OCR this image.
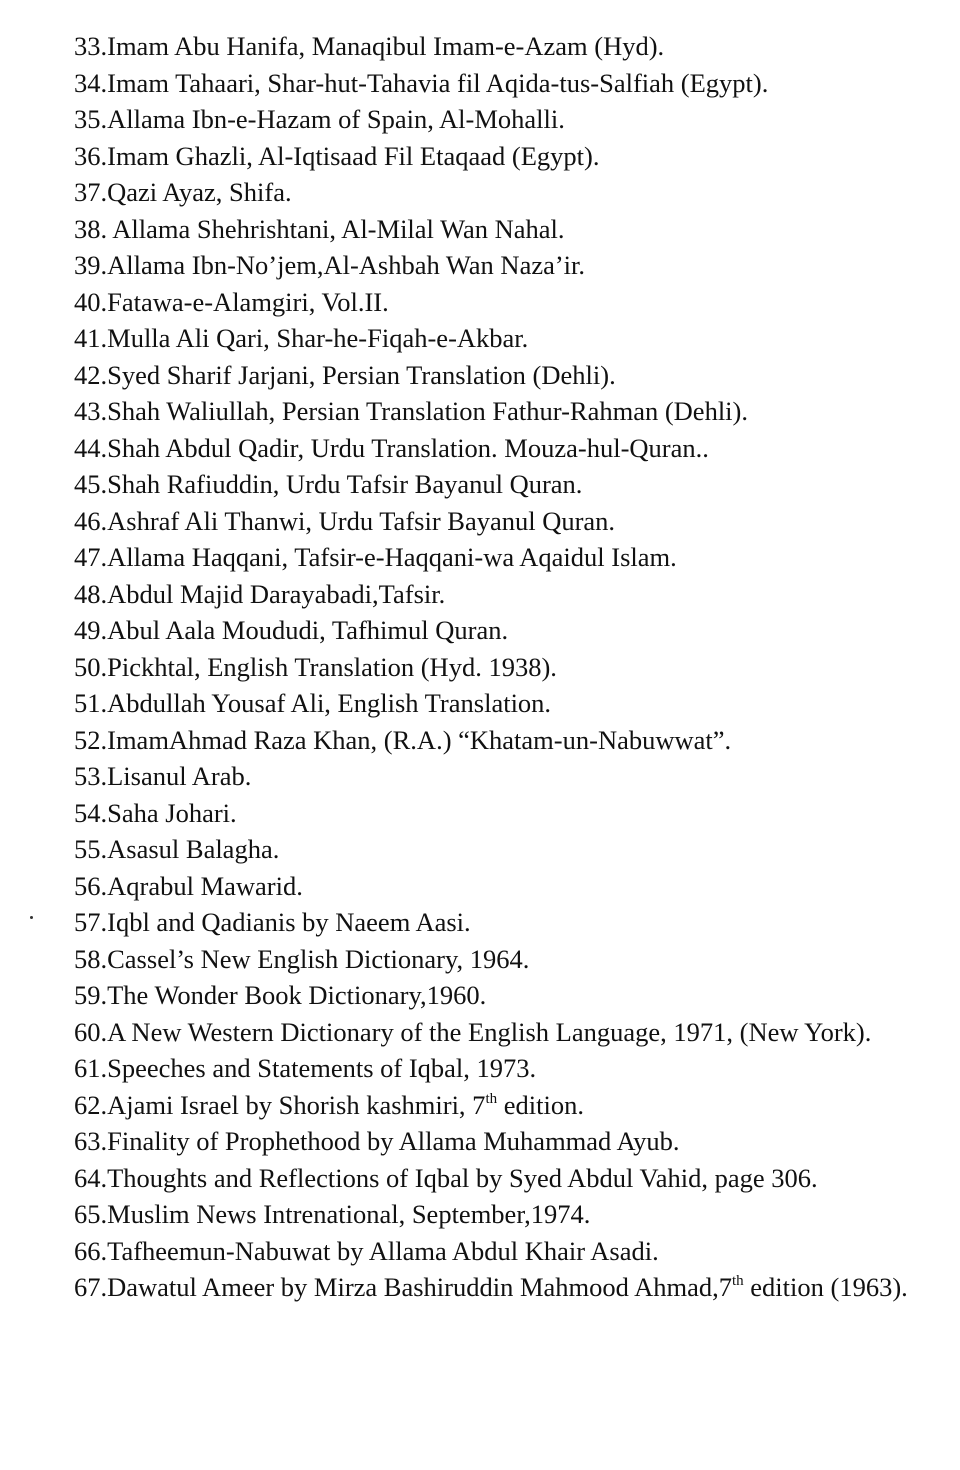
33.Imam Abu Hanifa, Manaqibul Imam-e-Azam (Hyd).
34.Imam Tahaari, Shar-hut-Tahavia fil Aqida-tus-Salfiah (Egypt).
35.Allama Ibn-e-Hazam of Spain, Al-Mohalli.
36.Imam Ghazli, Al-Iqtisaad Fil Etaqaad (Egypt).
37.Qazi Ayaz, Shifa.
38. Allama Shehrishtani, Al-Milal Wan Nahal.
39.Allama Ibn-No’jem,Al-Ashbah Wan Naza’ir.
40.Fatawa-e-Alamgiri, Vol.II.
41.Mulla Ali Qari, Shar-he-Fiqah-e-Akbar.
42.Syed Sharif Jarjani, Persian Translation (Dehli).
43.Shah Waliullah, Persian Translation Fathur-Rahman (Dehli).
44.Shah Abdul Qadir, Urdu Translation. Mouza-hul-Quran..
45.Shah Rafiuddin, Urdu Tafsir Bayanul Quran.
46.Ashraf Ali Thanwi, Urdu Tafsir Bayanul Quran.
47.Allama Haqqani, Tafsir-e-Haqqani-wa Aqaidul Islam.
48.Abdul Majid Darayabadi,Tafsir.
49.Abul Aala Moududi, Tafhimul Quran.
50.Pickhtal, English Translation (Hyd. 1938).
51.Abdullah Yousaf Ali, English Translation.
52.ImamAhmad Raza Khan, (R.A.) “Khatam-un-Nabuwwat”.
53.Lisanul Arab.
54.Saha Johari.
55.Asasul Balagha.
56.Aqrabul Mawarid.
57.Iqbl and Qadianis by Naeem Aasi.
58.Cassel’s New English Dictionary, 1964.
59.The Wonder Book Dictionary,1960.
60.A New Western Dictionary of the English Language, 1971, (New York).
61.Speeches and Statements of Iqbal, 1973.
62.Ajami Israel by Shorish kashmiri, 7th edition.
63.Finality of Prophethood by Allama Muhammad Ayub.
64.Thoughts and Reflections of Iqbal by Syed Abdul Vahid, page 306.
65.Muslim News Intrenational, September,1974.
66.Tafheemun-Nabuwat by Allama Abdul Khair Asadi.
67.Dawatul Ameer by Mirza Bashiruddin Mahmood Ahmad,7th edition (1963).
